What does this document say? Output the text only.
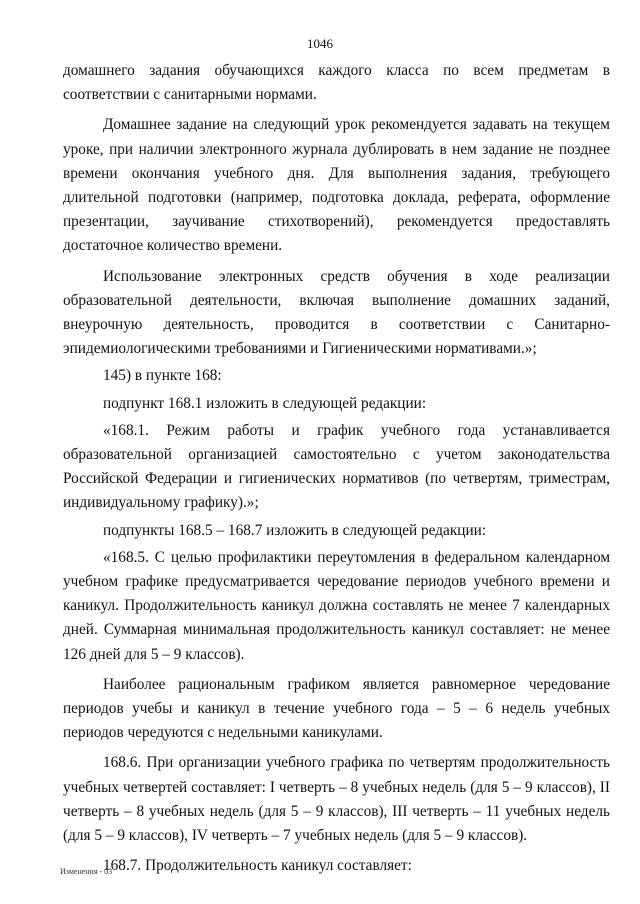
1046

домашнего задания обучающихся каждого класса по всем предметам в соответствии с санитарными нормами.

Домашнее задание на следующий урок рекомендуется задавать на текущем уроке, при наличии электронного журнала дублировать в нем задание не позднее времени окончания учебного дня. Для выполнения задания, требующего длительной подготовки (например, подготовка доклада, реферата, оформление презентации, заучивание стихотворений), рекомендуется предоставлять достаточное количество времени.

Использование электронных средств обучения в ходе реализации образовательной деятельности, включая выполнение домашних заданий, внеурочную деятельность, проводится в соответствии с Санитарно-эпидемиологическими требованиями и Гигиеническими нормативами.»;

145) в пункте 168:

подпункт 168.1 изложить в следующей редакции:

«168.1. Режим работы и график учебного года устанавливается образовательной организацией самостоятельно с учетом законодательства Российской Федерации и гигиенических нормативов (по четвертям, триместрам, индивидуальному графику).»;

подпункты 168.5 – 168.7 изложить в следующей редакции:

«168.5. С целью профилактики переутомления в федеральном календарном учебном графике предусматривается чередование периодов учебного времени и каникул. Продолжительность каникул должна составлять не менее 7 календарных дней. Суммарная минимальная продолжительность каникул составляет: не менее 126 дней для 5 – 9 классов).

Наиболее рациональным графиком является равномерное чередование периодов учебы и каникул в течение учебного года – 5 – 6 недель учебных периодов чередуются с недельными каникулами.

168.6. При организации учебного графика по четвертям продолжительность учебных четвертей составляет: I четверть – 8 учебных недель (для 5 – 9 классов), II четверть – 8 учебных недель (для 5 – 9 классов), III четверть – 11 учебных недель (для 5 – 9 классов), IV четверть – 7 учебных недель (для 5 – 9 классов).

168.7. Продолжительность каникул составляет:

Изменения - 03
